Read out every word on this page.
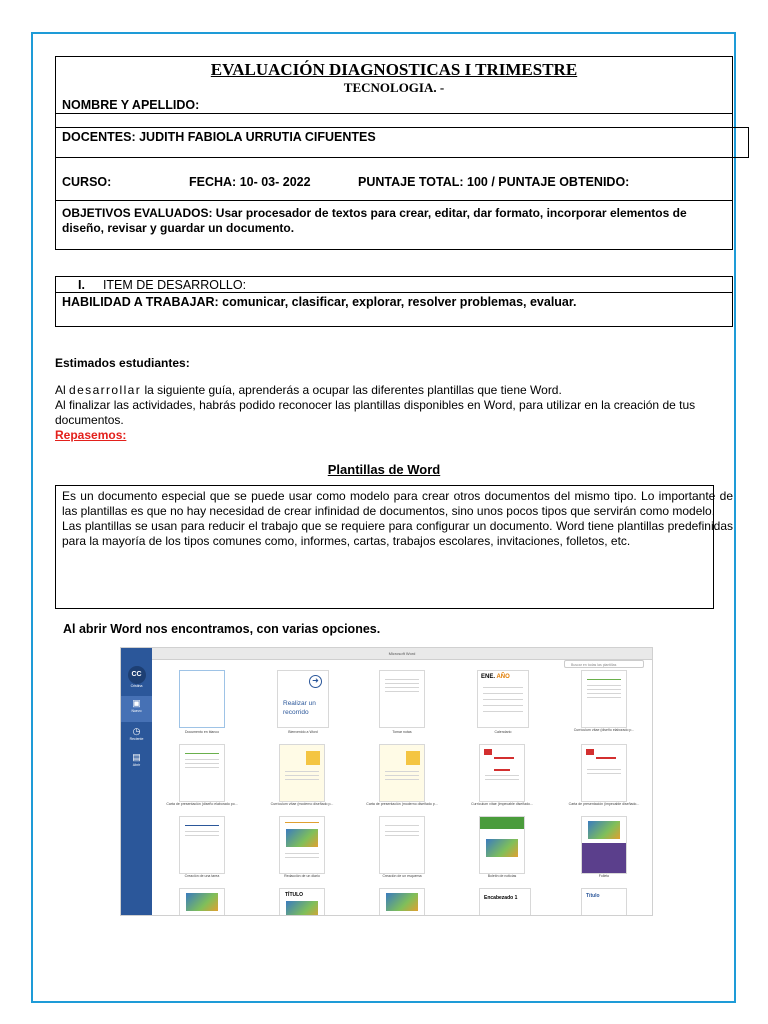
EVALUACIÓN DIAGNOSTICAS I TRIMESTRE
TECNOLOGIA. -
NOMBRE Y APELLIDO:
DOCENTES: JUDITH FABIOLA URRUTIA CIFUENTES
CURSO:	FECHA: 10- 03- 2022	PUNTAJE TOTAL: 100 / PUNTAJE OBTENIDO:
OBJETIVOS EVALUADOS: Usar procesador de textos para crear, editar, dar formato, incorporar elementos de diseño, revisar y guardar un documento.
I. ITEM DE DESARROLLO:
HABILIDAD A TRABAJAR: comunicar, clasificar, explorar, resolver problemas, evaluar.
Estimados estudiantes:
Al desarrollar la siguiente guía, aprenderás a ocupar las diferentes plantillas que tiene Word.
Al finalizar las actividades, habrás podido reconocer las plantillas disponibles en Word, para utilizar en la creación de tus documentos.
Repasemos:
Plantillas de Word
Es un documento especial que se puede usar como modelo para crear otros documentos del mismo tipo. Lo importante de las plantillas es que no hay necesidad de crear infinidad de documentos, sino unos pocos tipos que servirán como modelo.
Las plantillas se usan para reducir el trabajo que se requiere para configurar un documento. Word tiene plantillas predefinidas para la mayoría de los tipos comunes como, informes, cartas, trabajos escolares, invitaciones, folletos, etc.
Al abrir Word nos encontramos, con varias opciones.
CC
Cristina
▣
Nuevo
◷
Reciente
▤
Abrir
Microsoft Word
Buscar en todas las plantillas
Documento en blanco
➜
Realizar un recorrido
Bienvenido a Word	Tomar notas
ENE. AÑO
Calendario	Currículum vítae (diseño elaborado p...
Carta de presentación (diseño elaborado po...	Currículum vítae (moderno diseñado p...	Carta de presentación (moderno diseñado p...	Currículum vítae (impecable diseñado...	Carta de presentación (impecable diseñado...
Creación de una tarea	Redacción de un diario	Creación de un esquema	Boletín de noticias	Folleto
TÍTULO	Encabezado 1	Título
